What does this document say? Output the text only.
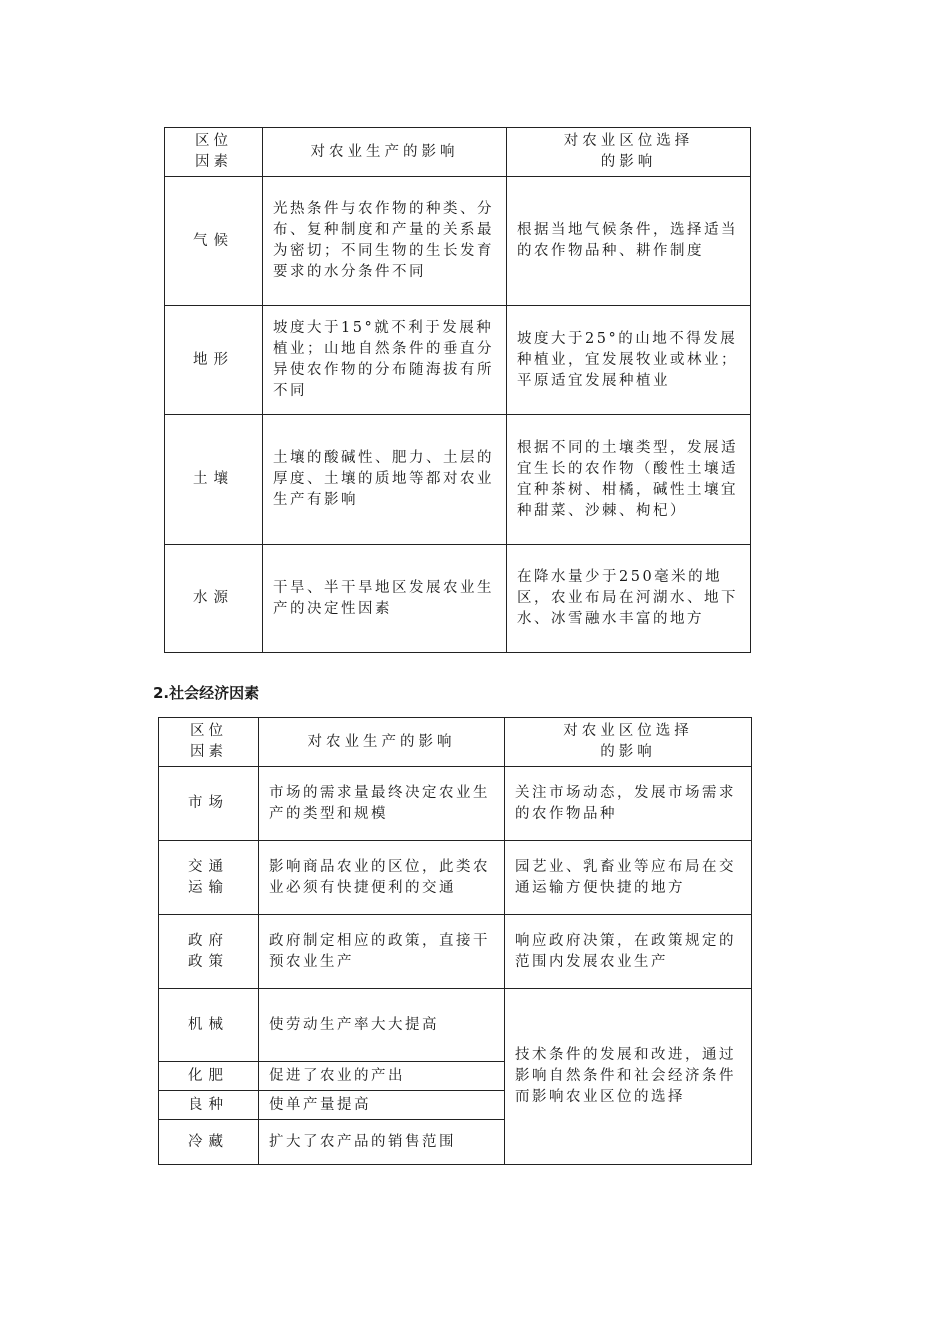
区位
因素	对农业生产的影响	对农业区位选择
的影响
气候	光热条件与农作物的种类、分布、复种制度和产量的关系最为密切；不同生物的生长发育要求的水分条件不同	根据当地气候条件，选择适当的农作物品种、耕作制度
地形	坡度大于15°就不利于发展种植业；山地自然条件的垂直分异使农作物的分布随海拔有所不同	坡度大于25°的山地不得发展种植业，宜发展牧业或林业；平原适宜发展种植业
土壤	土壤的酸碱性、肥力、土层的厚度、土壤的质地等都对农业生产有影响	根据不同的土壤类型，发展适宜生长的农作物（酸性土壤适宜种茶树、柑橘，碱性土壤宜种甜菜、沙棘、枸杞）
水源	干旱、半干旱地区发展农业生产的决定性因素	在降水量少于250毫米的地区，农业布局在河湖水、地下水、冰雪融水丰富的地方
2.社会经济因素
区位
因素	对农业生产的影响	对农业区位选择
的影响
市场	市场的需求量最终决定农业生产的类型和规模	关注市场动态，发展市场需求的农作物品种
交通
运输	影响商品农业的区位，此类农业必须有快捷便利的交通	园艺业、乳畜业等应布局在交通运输方便快捷的地方
政府
政策	政府制定相应的政策，直接干预农业生产	响应政府决策，在政策规定的范围内发展农业生产
机械	使劳动生产率大大提高	技术条件的发展和改进，通过影响自然条件和社会经济条件而影响农业区位的选择
化肥	促进了农业的产出	
良种	使单产量提高	
冷藏	扩大了农产品的销售范围	
